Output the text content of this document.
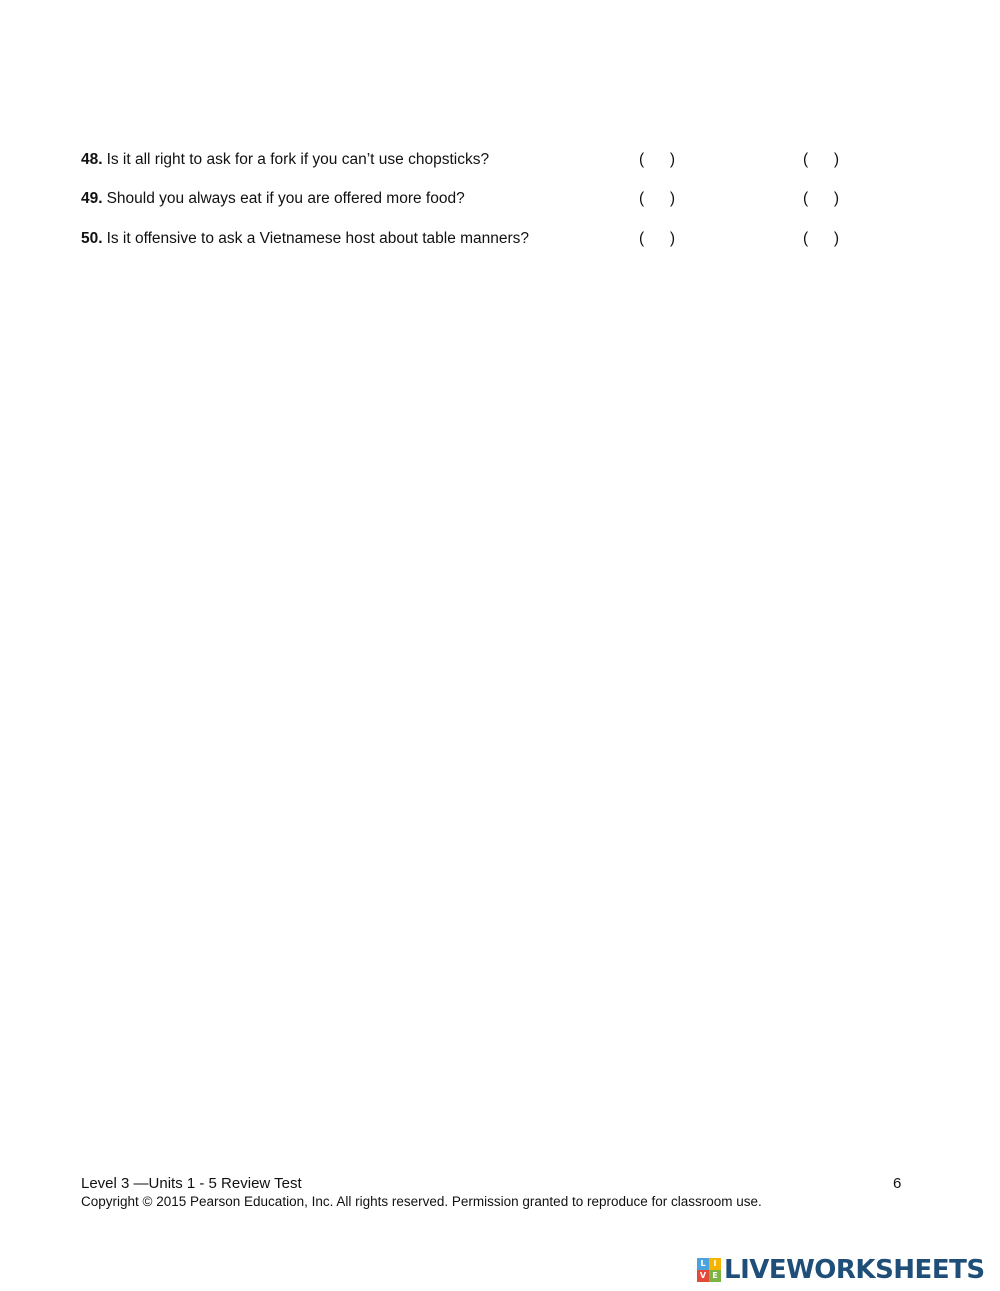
48. Is it all right to ask for a fork if you can’t use chopsticks?	( )	( )
49. Should you always eat if you are offered more food?	( )	( )
50. Is it offensive to ask a Vietnamese host about table manners?	( )	( )
Level 3 —Units 1 - 5 Review Test	6
Copyright © 2015 Pearson Education, Inc. All rights reserved. Permission granted to reproduce for classroom use.
L I
V E LIVEWORKSHEETS
